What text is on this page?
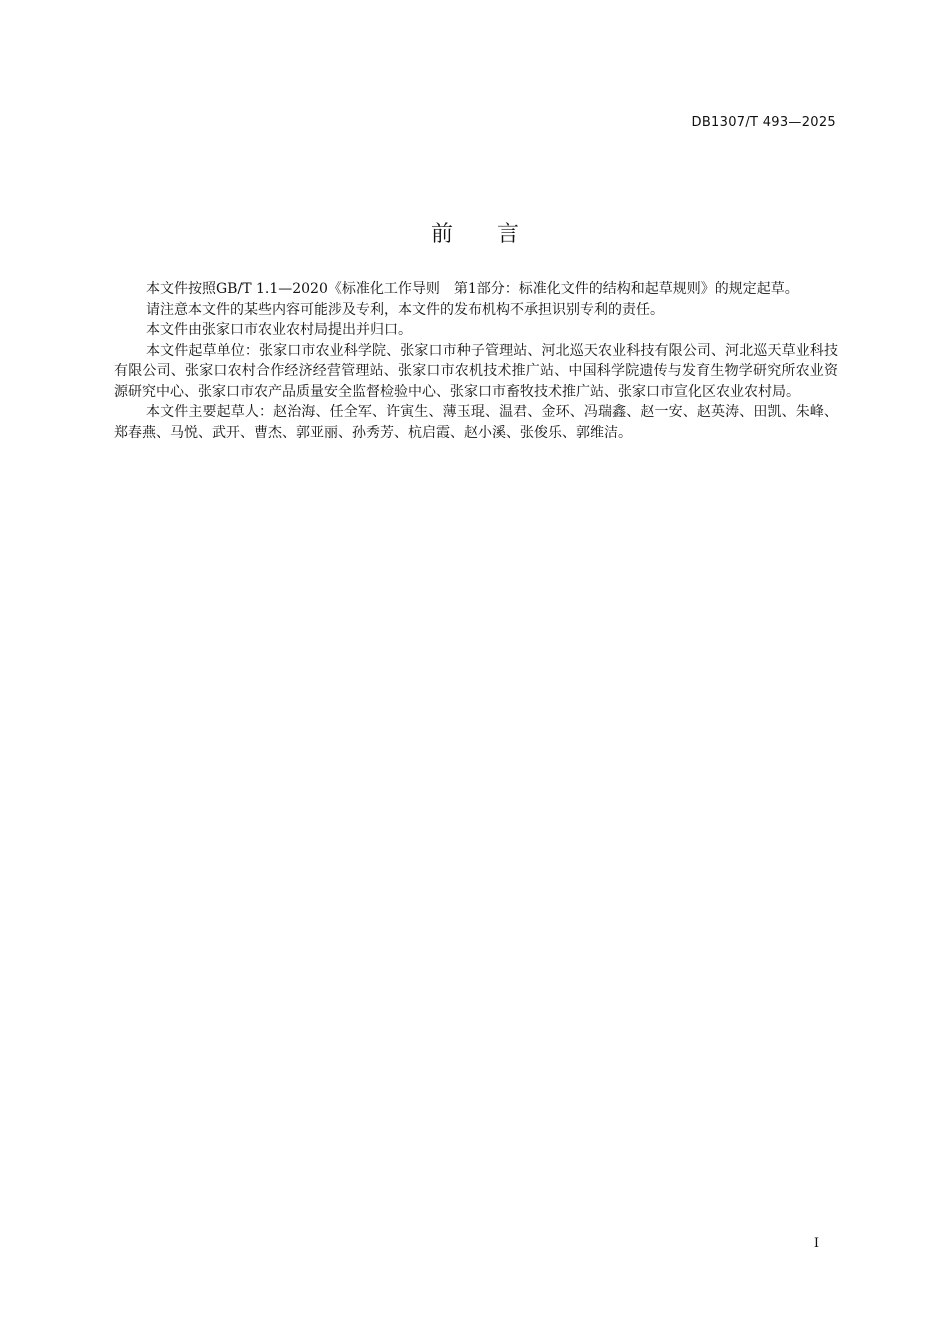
DB1307/T 493—2025
前言

本文件按照GB/T 1.1—2020《标准化工作导则　第1部分：标准化文件的结构和起草规则》的规定起草。

请注意本文件的某些内容可能涉及专利，本文件的发布机构不承担识别专利的责任。

本文件由张家口市农业农村局提出并归口。

本文件起草单位：张家口市农业科学院、张家口市种子管理站、河北巡天农业科技有限公司、河北巡天草业科技有限公司、张家口农村合作经济经营管理站、张家口市农机技术推广站、中国科学院遗传与发育生物学研究所农业资源研究中心、张家口市农产品质量安全监督检验中心、张家口市畜牧技术推广站、张家口市宣化区农业农村局。

本文件主要起草人：赵治海、任全军、许寅生、薄玉琨、温君、金环、冯瑞鑫、赵一安、赵英涛、田凯、朱峰、郑春燕、马悦、武开、曹杰、郭亚丽、孙秀芳、杭启霞、赵小溪、张俊乐、郭维洁。

I
